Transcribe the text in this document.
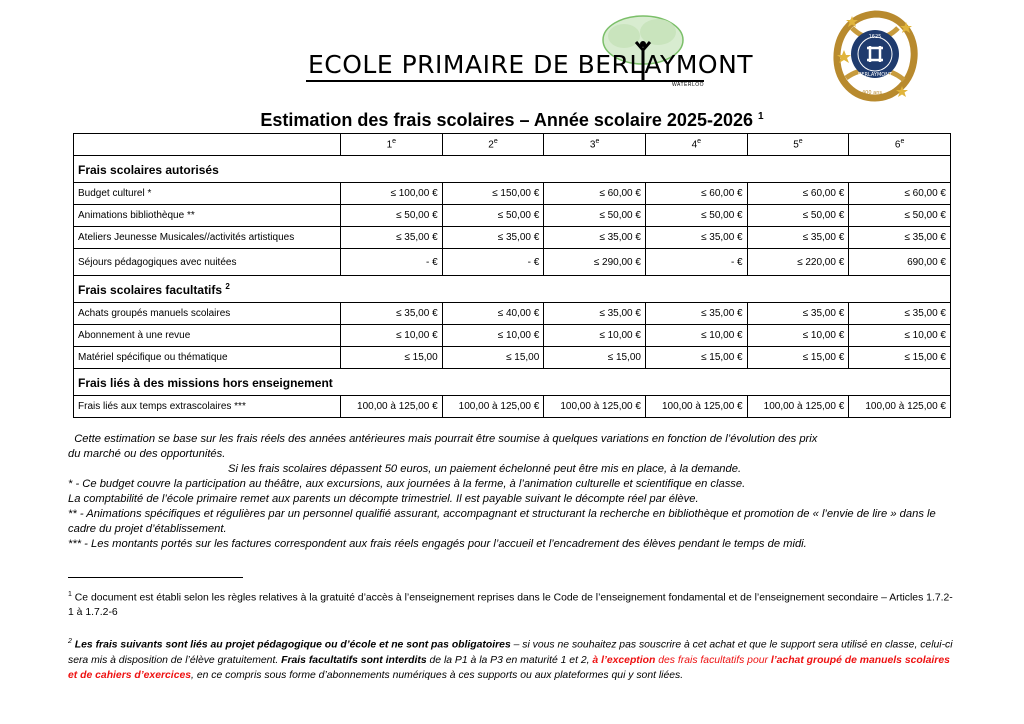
ECOLE PRIMAIRE DE BERLAYMONT
WATERLOO
1625
BERLAYMONT
400 ans
Estimation des frais scolaires – Année scolaire 2025-2026 $^1$
	1e	2e	3e	4e	5e	6e
Frais scolaires autorisés						
Budget culturel *	≤ 100,00 €	≤ 150,00 €	≤ 60,00 €	≤ 60,00 €	≤ 60,00 €	≤ 60,00 €
Animations bibliothèque **	≤ 50,00 €	≤ 50,00 €	≤ 50,00 €	≤ 50,00 €	≤ 50,00 €	≤ 50,00 €
Ateliers Jeunesse Musicales//activités artistiques	≤ 35,00 €	≤ 35,00 €	≤ 35,00 €	≤ 35,00 €	≤ 35,00 €	≤ 35,00 €
Séjours pédagogiques avec nuitées	- €	- €	≤ 290,00 €	- €	≤ 220,00 €	690,00 €
Frais scolaires facultatifs $^2$
Achats groupés manuels scolaires	≤ 35,00 €	≤ 40,00 €	≤ 35,00 €	≤ 35,00 €	≤ 35,00 €	≤ 35,00 €
Abonnement à une revue	≤ 10,00 €	≤ 10,00 €	≤ 10,00 €	≤ 10,00 €	≤ 10,00 €	≤ 10,00 €
Matériel spécifique ou thématique	≤ 15,00	≤ 15,00	≤ 15,00	≤ 15,00 €	≤ 15,00 €	≤ 15,00 €
Frais liés à des missions hors enseignement						
Frais liés aux temps extrascolaires ***	100,00 à 125,00 €	100,00 à 125,00 €	100,00 à 125,00 €	100,00 à 125,00 €	100,00 à 125,00 €	100,00 à 125,00 €

Cette estimation se base sur les frais réels des années antérieures mais pourrait être soumise à quelques variations en fonction de l’évolution des prix

du marché ou des opportunités.

Si les frais scolaires dépassent 50 euros, un paiement échelonné peut être mis en place, à la demande.

* - Ce budget couvre la participation au théâtre, aux excursions, aux journées à la ferme, à l’animation culturelle et scientifique en classe.

La comptabilité de l’école primaire remet aux parents un décompte trimestriel. Il est payable suivant le décompte réel par élève.

** - Animations spécifiques et régulières par un personnel qualifié assurant, accompagnant et structurant la recherche en bibliothèque et promotion de « l’envie de lire » dans le cadre du projet d’établissement.

*** - Les montants portés sur les factures correspondent aux frais réels engagés pour l’accueil et l’encadrement des élèves pendant le temps de midi.

$^1$ Ce document est établi selon les règles relatives à la gratuité d’accès à l’enseignement reprises dans le Code de l’enseignement fondamental et de l’enseignement secondaire – Articles 1.7.2-1 à 1.7.2-6

$^2$ Les frais suivants sont liés au projet pédagogique ou d’école et ne sont pas obligatoires – si vous ne souhaitez pas souscrire à cet achat et que le support sera utilisé en classe, celui-ci sera mis à disposition de l’élève gratuitement. Frais facultatifs sont interdits de la P1 à la P3 en maturité 1 et 2, à l’exception des frais facultatifs pour l’achat groupé de manuels scolaires et de cahiers d’exercices, en ce compris sous forme d’abonnements numériques à ces supports ou aux plateformes qui y sont liées.
